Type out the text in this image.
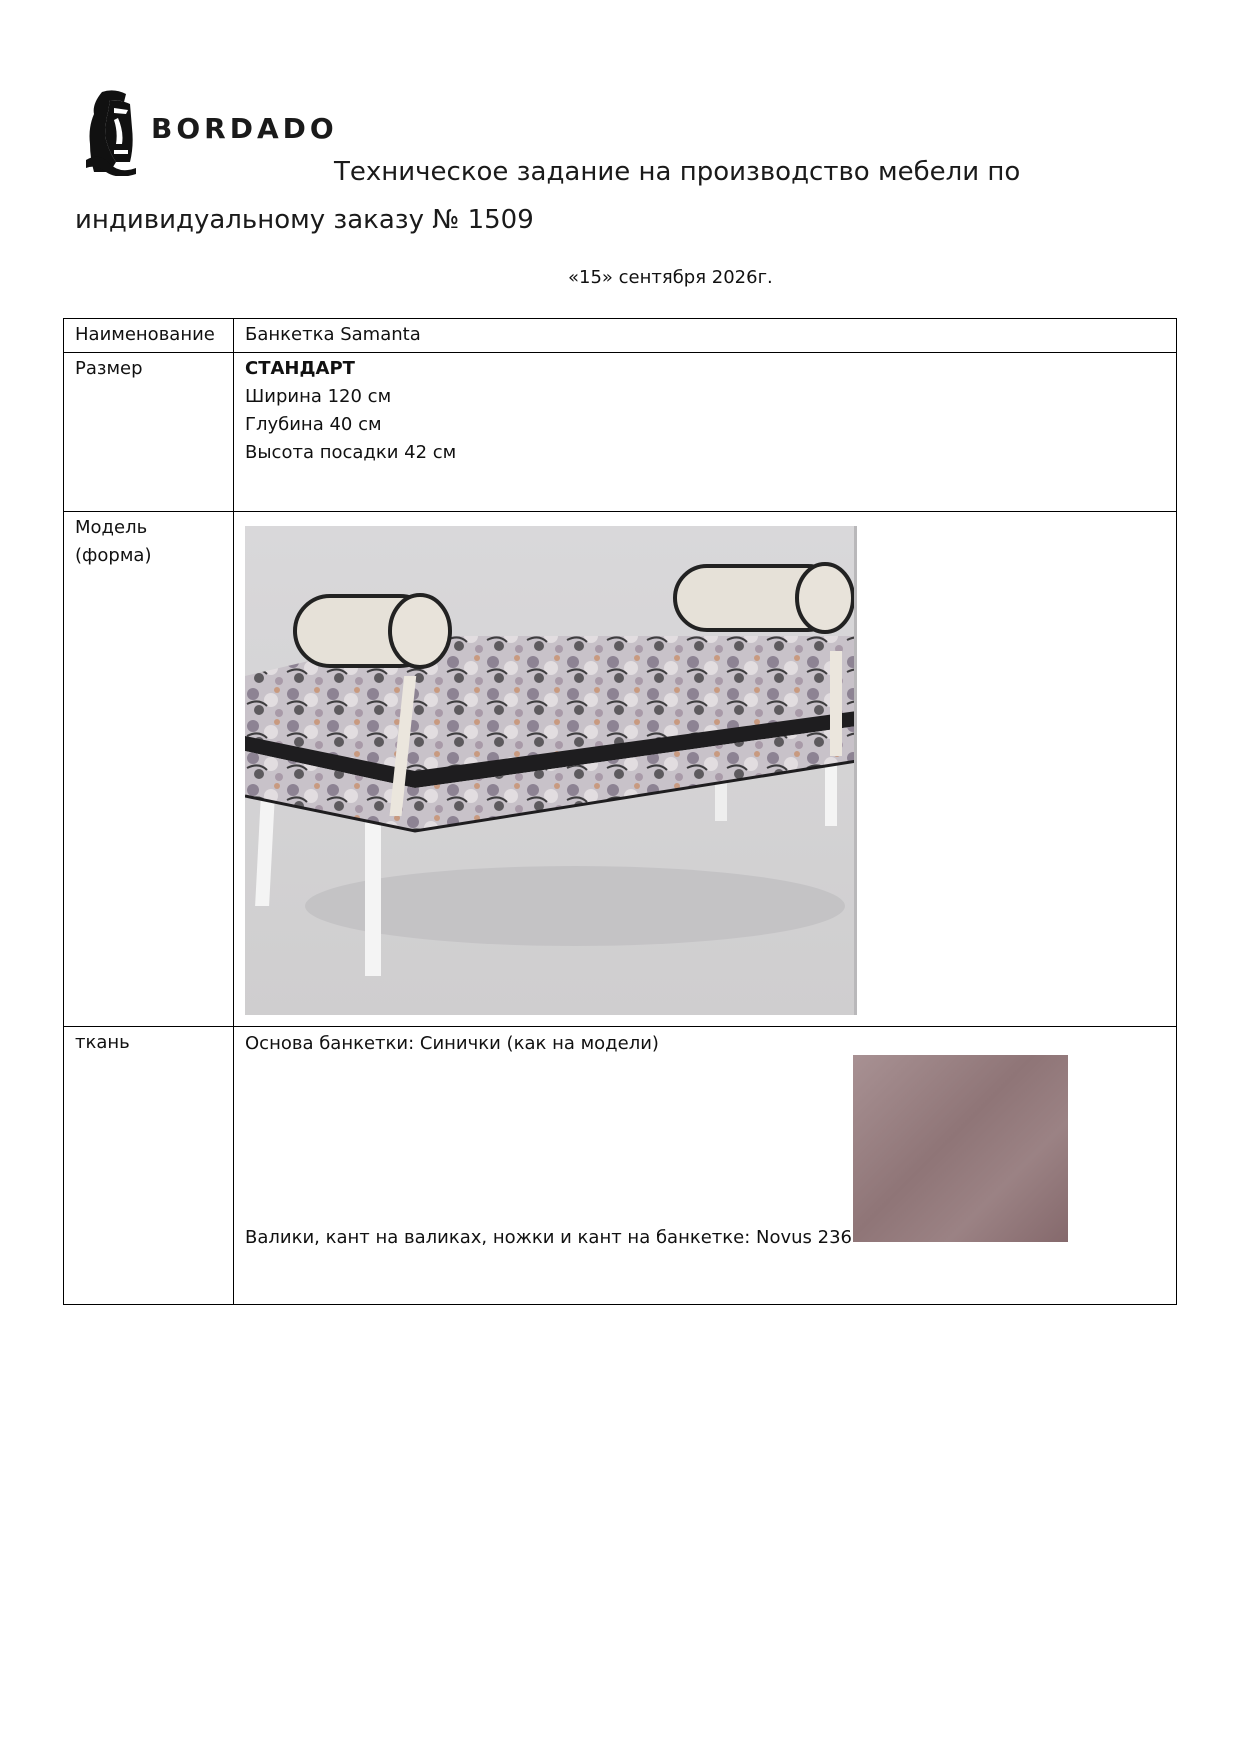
BORDADO
Техническое задание на производство мебели по
индивидуальному заказу № 1509
«15» сентября 2026г.
Наименование	Банкетка Samanta
Размер	СТАНДАРТ
Ширина 120 см
Глубина 40 см
Высота посадки 42 см

Модель
(форма)

ткань	Основа банкетки: Синички (как на модели)
Валики, кант на валиках, ножки и кант на банкетке: Novus 236
